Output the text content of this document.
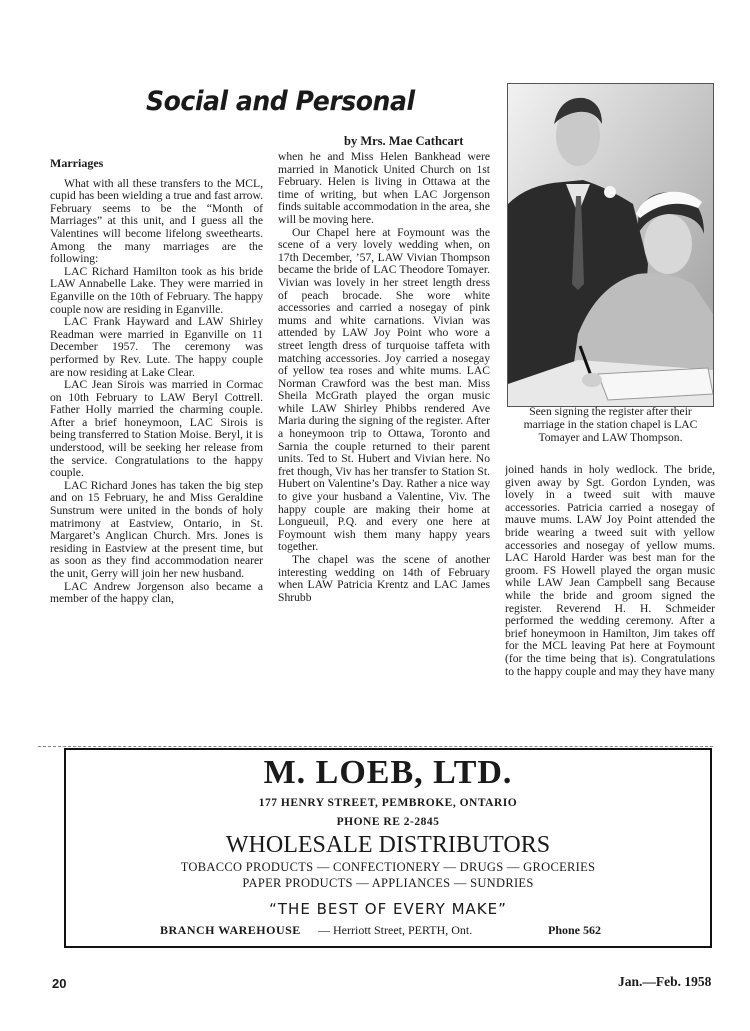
Social and Personal

by Mrs. Mae Cathcart

Marriages

What with all these transfers to the MCL, cupid has been wielding a true and fast arrow. February seems to be the “Month of Marriages” at this unit, and I guess all the Valentines will become lifelong sweethearts. Among the many marriages are the following:

LAC Richard Hamilton took as his bride LAW Annabelle Lake. They were married in Eganville on the 10th of February. The happy couple now are residing in Eganville.

LAC Frank Hayward and LAW Shirley Readman were married in Eganville on 11 December 1957. The ceremony was performed by Rev. Lute. The happy couple are now residing at Lake Clear.

LAC Jean Sirois was married in Cormac on 10th February to LAW Beryl Cottrell. Father Holly married the charming couple. After a brief honeymoon, LAC Sirois is being transferred to Station Moise. Beryl, it is understood, will be seeking her release from the service. Congratulations to the happy couple.

LAC Richard Jones has taken the big step and on 15 February, he and Miss Geraldine Sunstrum were united in the bonds of holy matrimony at Eastview, Ontario, in St. Margaret’s Anglican Church. Mrs. Jones is residing in Eastview at the present time, but as soon as they find accommodation nearer the unit, Gerry will join her new husband.

LAC Andrew Jorgenson also became a member of the happy clan,

when he and Miss Helen Bankhead were married in Manotick United Church on 1st February. Helen is living in Ottawa at the time of writing, but when LAC Jorgenson finds suitable accommodation in the area, she will be moving here.

Our Chapel here at Foymount was the scene of a very lovely wedding when, on 17th December, ’57, LAW Vivian Thompson became the bride of LAC Theodore Tomayer. Vivian was lovely in her street length dress of peach brocade. She wore white accessories and carried a nosegay of pink mums and white carnations. Vivian was attended by LAW Joy Point who wore a street length dress of turquoise taffeta with matching accessories. Joy carried a nosegay of yellow tea roses and white mums. LAC Norman Crawford was the best man. Miss Sheila McGrath played the organ music while LAW Shirley Phibbs rendered Ave Maria during the signing of the register. After a honeymoon trip to Ottawa, Toronto and Sarnia the couple returned to their parent units. Ted to St. Hubert and Vivian here. No fret though, Viv has her transfer to Station St. Hubert on Valentine’s Day. Rather a nice way to give your husband a Valentine, Viv. The happy couple are making their home at Longueuil, P.Q. and every one here at Foymount wish them many happy years together.

The chapel was the scene of another interesting wedding on 14th of February when LAW Patricia Krentz and LAC James Shrubb

Seen signing the register after their marriage in the station chapel is LAC Tomayer and LAW Thompson.

joined hands in holy wedlock. The bride, given away by Sgt. Gordon Lynden, was lovely in a tweed suit with mauve accessories. Patricia carried a nosegay of mauve mums. LAW Joy Point attended the bride wearing a tweed suit with yellow accessories and nosegay of yellow mums. LAC Harold Harder was best man for the groom. FS Howell played the organ music while LAW Jean Campbell sang Because while the bride and groom signed the register. Reverend H. H. Schmeider performed the wedding ceremony. After a brief honeymoon in Hamilton, Jim takes off for the MCL leaving Pat here at Foymount (for the time being that is). Congratulations to the happy couple and may they have many

M. LOEB, LTD.
177 HENRY STREET, PEMBROKE, ONTARIO
PHONE RE 2-2845
WHOLESALE DISTRIBUTORS
TOBACCO PRODUCTS — CONFECTIONERY — DRUGS — GROCERIES
PAPER PRODUCTS — APPLIANCES — SUNDRIES
“THE BEST OF EVERY MAKE”
BRANCH WAREHOUSE — Herriott Street, PERTH, Ont.	Phone 562

20	Jan.—Feb. 1958
